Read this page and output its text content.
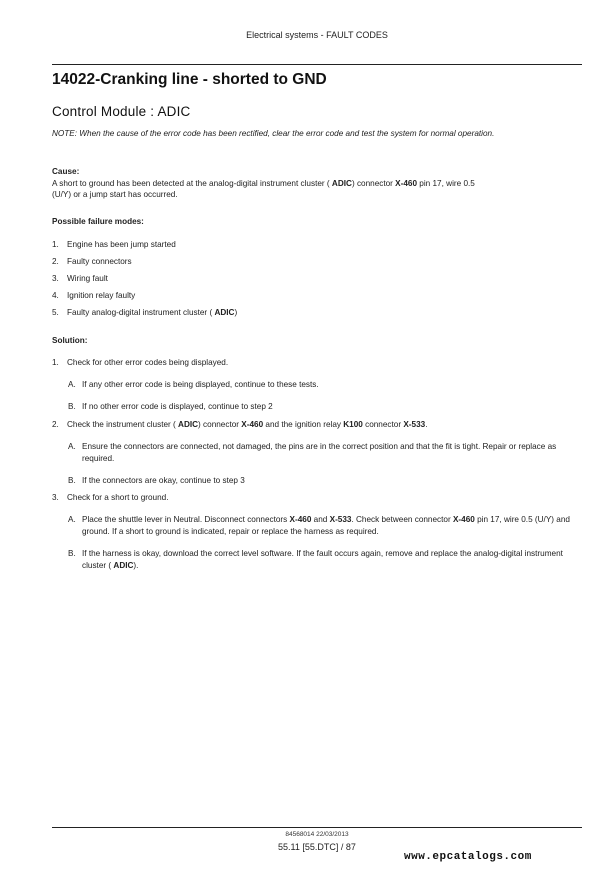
Electrical systems - FAULT CODES
14022-Cranking line - shorted to GND
Control Module : ADIC
NOTE: When the cause of the error code has been rectified, clear the error code and test the system for normal operation.
Cause:
A short to ground has been detected at the analog-digital instrument cluster ( ADIC) connector X-460 pin 17, wire 0.5
(U/Y) or a jump start has occurred.
Possible failure modes:
1. Engine has been jump started
2. Faulty connectors
3. Wiring fault
4. Ignition relay faulty
5. Faulty analog-digital instrument cluster ( ADIC)
Solution:
1. Check for other error codes being displayed.
A. If any other error code is being displayed, continue to these tests.
B. If no other error code is displayed, continue to step 2
2. Check the instrument cluster ( ADIC) connector X-460 and the ignition relay K100 connector X-533.
A. Ensure the connectors are connected, not damaged, the pins are in the correct position and that the fit is tight. Repair or replace as required.
B. If the connectors are okay, continue to step 3
3. Check for a short to ground.
A. Place the shuttle lever in Neutral. Disconnect connectors X-460 and X-533. Check between connector X-460 pin 17, wire 0.5 (U/Y) and ground. If a short to ground is indicated, repair or replace the harness as required.
B. If the harness is okay, download the correct level software. If the fault occurs again, remove and replace the analog-digital instrument cluster ( ADIC).
84568014 22/03/2013
55.11 [55.DTC] / 87
www.epcatalogs.com
